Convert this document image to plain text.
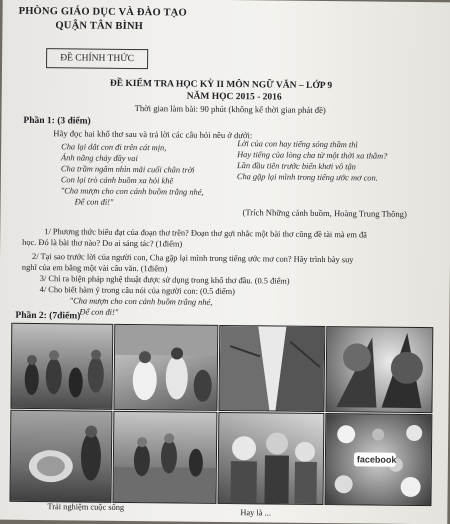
PHÒNG GIÁO DỤC VÀ ĐÀO TẠO
QUẬN TÂN BÌNH
ĐỀ CHÍNH THỨC
ĐỀ KIỂM TRA HỌC KỲ II MÔN NGỮ VĂN – LỚP 9
NĂM HỌC 2015 - 2016
Thời gian làm bài: 90 phút (không kể thời gian phát đề)
Phần 1: (3 điểm)
Hãy đọc hai khổ thơ sau và trả lời các câu hỏi nêu ở dưới:
Cha lại dắt con đi trên cát mịn,
Ánh nắng chảy đầy vai
Cha trầm ngâm nhìn mãi cuối chân trời
Con lại trò cánh buồm xa hỏi khẽ
"Cha mượn cho con cánh buồm trắng nhé,
Để con đi!"
Lời của con hay tiếng sóng thầm thì
Hay tiếng của lòng cha từ một thời xa thẳm?
Lần đầu tiên trước biển khơi vô tận
Cha gặp lại mình trong tiếng ước mơ con.
(Trích Những cánh buồm, Hoàng Trung Thông)
1/ Phương thức biểu đạt của đoạn thơ trên? Đoạn thơ gợi nhắc một bài thơ cũng đề tài mà em đã
học. Đó là bài thơ nào? Do ai sáng tác? (1điểm)
2/ Tại sao trước lời của người con, Cha gặp lại mình trong tiếng ước mơ con? Hãy trình bày suy
nghĩ của em bằng một vài câu văn. (1điểm)
3/ Chỉ ra biện pháp nghệ thuật được sử dụng trong khổ thơ đầu. (0.5 điểm)
4/ Cho biết hàm ý trong câu nói của người con: (0.5 điểm)
"Cha mượn cho con cánh buồm trắng nhé,
Để con đi!"
Phần 2: (7điểm)
facebook
Trải nghiệm cuộc sống
Hay là ...
